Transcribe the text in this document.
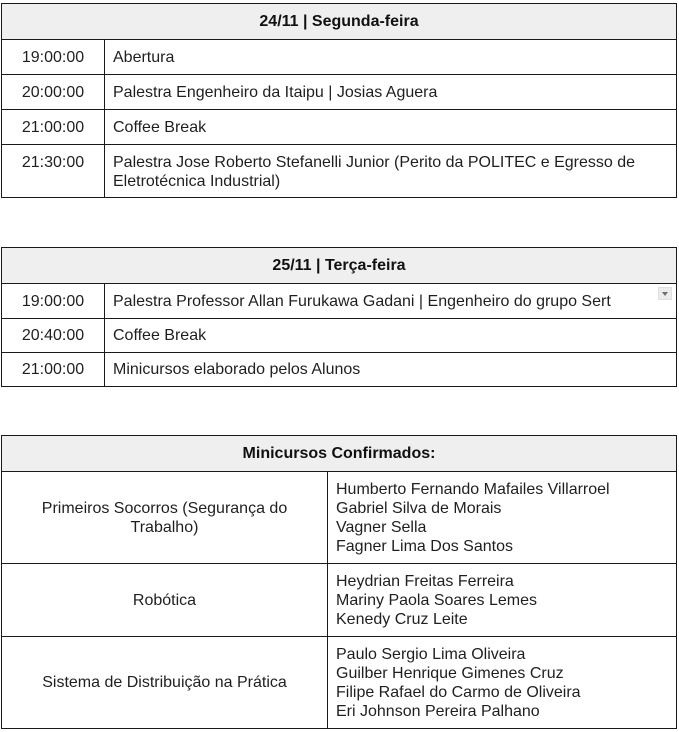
24/11 | Segunda-feira	
19:00:00	Abertura
20:00:00	Palestra Engenheiro da Itaipu | Josias Aguera
21:00:00	Coffee Break
21:30:00	Palestra Jose Roberto Stefanelli Junior (Perito da POLITEC e Egresso de Eletrotécnica Industrial)
25/11 | Terça-feira	
19:00:00	Palestra Professor Allan Furukawa Gadani | Engenheiro do grupo Sert

20:40:00	Coffee Break
21:00:00	Minicursos elaborado pelos Alunos
Minicursos Confirmados:	
Primeiros Socorros (Segurança do Trabalho)	Humberto Fernando Mafailes Villarroel
Gabriel Silva de Morais
Vagner Sella
Fagner Lima Dos Santos

Robótica	Heydrian Freitas Ferreira
Mariny Paola Soares Lemes
Kenedy Cruz Leite

Sistema de Distribuição na Prática	Paulo Sergio Lima Oliveira
Guilber Henrique Gimenes Cruz
Filipe Rafael do Carmo de Oliveira
Eri Johnson Pereira Palhano
